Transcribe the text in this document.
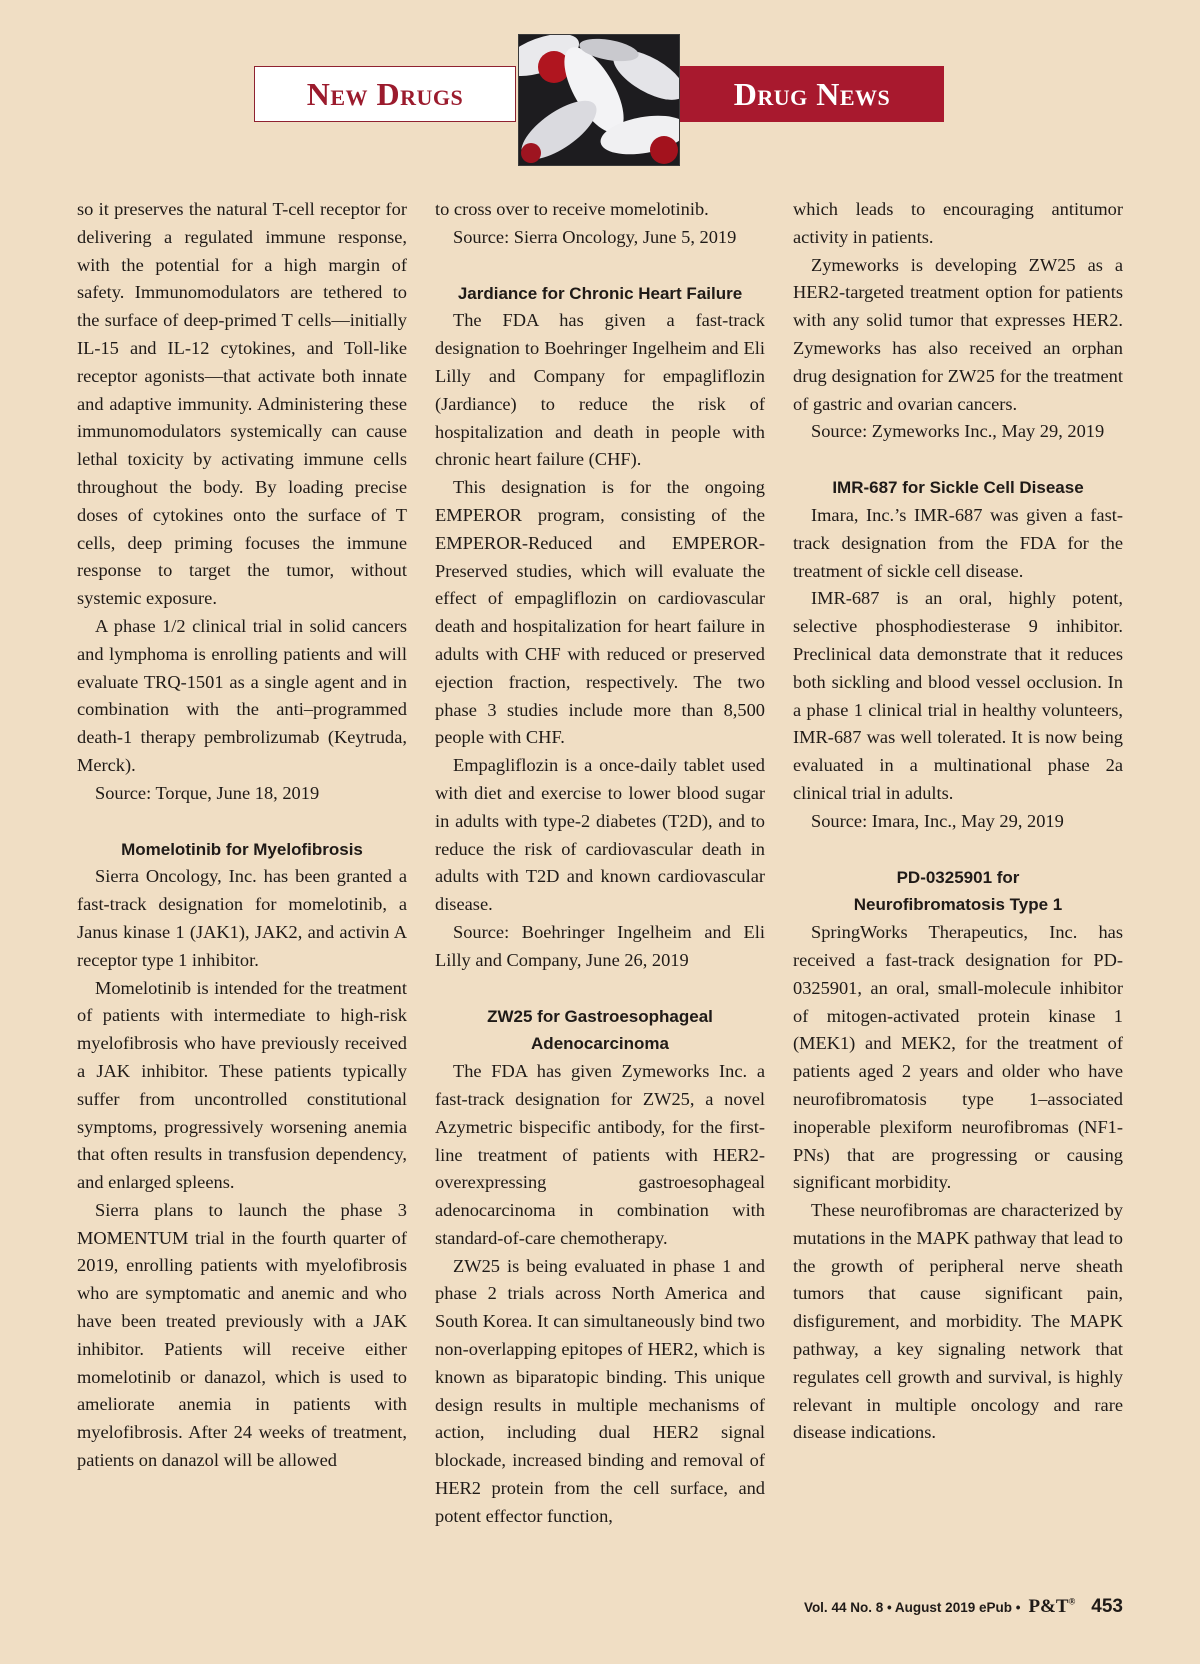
New Drugs	Drug News

so it preserves the natural T-cell receptor for delivering a regulated immune response, with the potential for a high margin of safety. Immunomodulators are tethered to the surface of deep-primed T cells—initially IL-15 and IL-12 cytokines, and Toll-like receptor agonists—that activate both innate and adaptive immunity. Administering these immunomodulators systemically can cause lethal toxicity by activating immune cells throughout the body. By loading precise doses of cytokines onto the surface of T cells, deep priming focuses the immune response to target the tumor, without systemic exposure.

A phase 1/2 clinical trial in solid cancers and lymphoma is enrolling patients and will evaluate TRQ-1501 as a single agent and in combination with the anti–programmed death-1 therapy pembrolizumab (Keytruda, Merck).

Source: Torque, June 18, 2019

Momelotinib for Myelofibrosis

Sierra Oncology, Inc. has been granted a fast-track designation for momelotinib, a Janus kinase 1 (JAK1), JAK2, and activin A receptor type 1 inhibitor.

Momelotinib is intended for the treatment of patients with intermediate to high-risk myelofibrosis who have previously received a JAK inhibitor. These patients typically suffer from uncontrolled constitutional symptoms, progressively worsening anemia that often results in transfusion dependency, and enlarged spleens.

Sierra plans to launch the phase 3 MOMENTUM trial in the fourth quarter of 2019, enrolling patients with myelofibrosis who are symptomatic and anemic and who have been treated previously with a JAK inhibitor. Patients will receive either momelotinib or danazol, which is used to ameliorate anemia in patients with myelofibrosis. After 24 weeks of treatment, patients on danazol will be allowed

to cross over to receive momelotinib.

Source: Sierra Oncology, June 5, 2019

Jardiance for Chronic Heart Failure

The FDA has given a fast-track designation to Boehringer Ingelheim and Eli Lilly and Company for empagliflozin (Jardiance) to reduce the risk of hospitalization and death in people with chronic heart failure (CHF).

This designation is for the ongoing EMPEROR program, consisting of the EMPEROR-Reduced and EMPEROR-Preserved studies, which will evaluate the effect of empagliflozin on cardiovascular death and hospitalization for heart failure in adults with CHF with reduced or preserved ejection fraction, respectively. The two phase 3 studies include more than 8,500 people with CHF.

Empagliflozin is a once-daily tablet used with diet and exercise to lower blood sugar in adults with type-2 diabetes (T2D), and to reduce the risk of cardiovascular death in adults with T2D and known cardiovascular disease.

Source: Boehringer Ingelheim and Eli Lilly and Company, June 26, 2019

ZW25 for Gastroesophageal
Adenocarcinoma

The FDA has given Zymeworks Inc. a fast-track designation for ZW25, a novel Azymetric bispecific antibody, for the first-line treatment of patients with HER2-overexpressing gastroesophageal adenocarcinoma in combination with standard-of-care chemotherapy.

ZW25 is being evaluated in phase 1 and phase 2 trials across North America and South Korea. It can simultaneously bind two non-overlapping epitopes of HER2, which is known as biparatopic binding. This unique design results in multiple mechanisms of action, including dual HER2 signal blockade, increased binding and removal of HER2 protein from the cell surface, and potent effector function,

which leads to encouraging antitumor activity in patients.

Zymeworks is developing ZW25 as a HER2-targeted treatment option for patients with any solid tumor that expresses HER2. Zymeworks has also received an orphan drug designation for ZW25 for the treatment of gastric and ovarian cancers.

Source: Zymeworks Inc., May 29, 2019

IMR-687 for Sickle Cell Disease

Imara, Inc.’s IMR-687 was given a fast-track designation from the FDA for the treatment of sickle cell disease.

IMR-687 is an oral, highly potent, selective phosphodiesterase 9 inhibitor. Preclinical data demonstrate that it reduces both sickling and blood vessel occlusion. In a phase 1 clinical trial in healthy volunteers, IMR-687 was well tolerated. It is now being evaluated in a multinational phase 2a clinical trial in adults.

Source: Imara, Inc., May 29, 2019

PD-0325901 for
Neurofibromatosis Type 1

SpringWorks Therapeutics, Inc. has received a fast-track designation for PD-0325901, an oral, small-molecule inhibitor of mitogen-activated protein kinase 1 (MEK1) and MEK2, for the treatment of patients aged 2 years and older who have neurofibromatosis type 1–associated inoperable plexiform neurofibromas (NF1-PNs) that are progressing or causing significant morbidity.

These neurofibromas are characterized by mutations in the MAPK pathway that lead to the growth of peripheral nerve sheath tumors that cause significant pain, disfigurement, and morbidity. The MAPK pathway, a key signaling network that regulates cell growth and survival, is highly relevant in multiple oncology and rare disease indications.

Vol. 44 No. 8 • August 2019 ePub • P&T® 453
